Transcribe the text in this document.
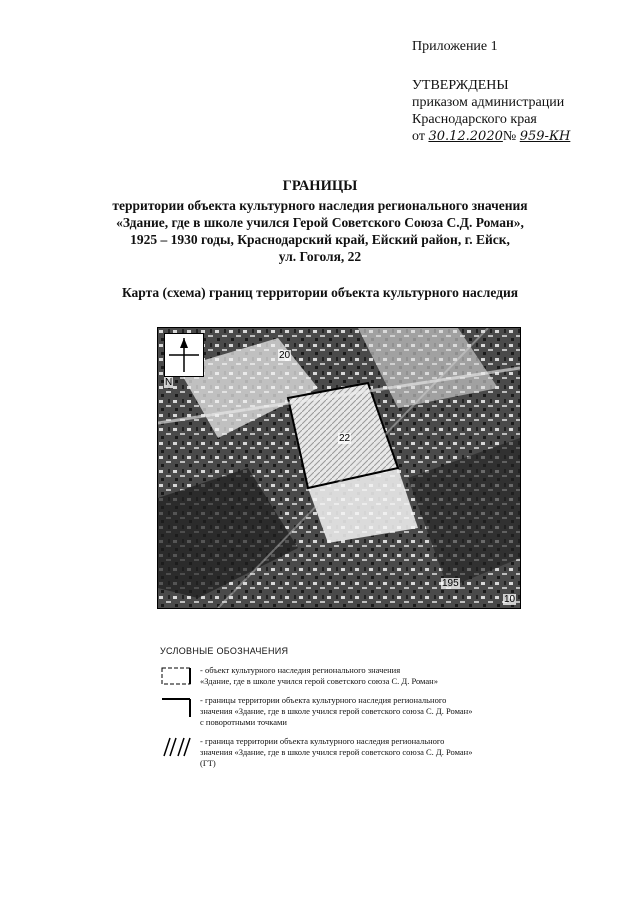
Приложение 1
УТВЕРЖДЕНЫ
приказом администрации
Краснодарского края
от 30.12.2020№ 959-КН
ГРАНИЦЫ
территории объекта культурного наследия регионального значения
«Здание, где в школе учился Герой Советского Союза С.Д. Роман»,
1925 – 1930 годы, Краснодарский край, Ейский район, г. Ейск,
ул. Гоголя, 22
Карта (схема) границ территории объекта культурного наследия
N
20
22
195
10
УСЛОВНЫЕ ОБОЗНАЧЕНИЯ
- объект культурного наследия регионального значения
«Здание, где в школе учился герой советского союза С. Д. Роман»
- границы территории объекта культурного наследия регионального
значения «Здание, где в школе учился герой советского союза С. Д. Роман»
с поворотными точками
- граница территории объекта культурного наследия регионального
значения «Здание, где в школе учился герой советского союза С. Д. Роман»
(ГТ)
